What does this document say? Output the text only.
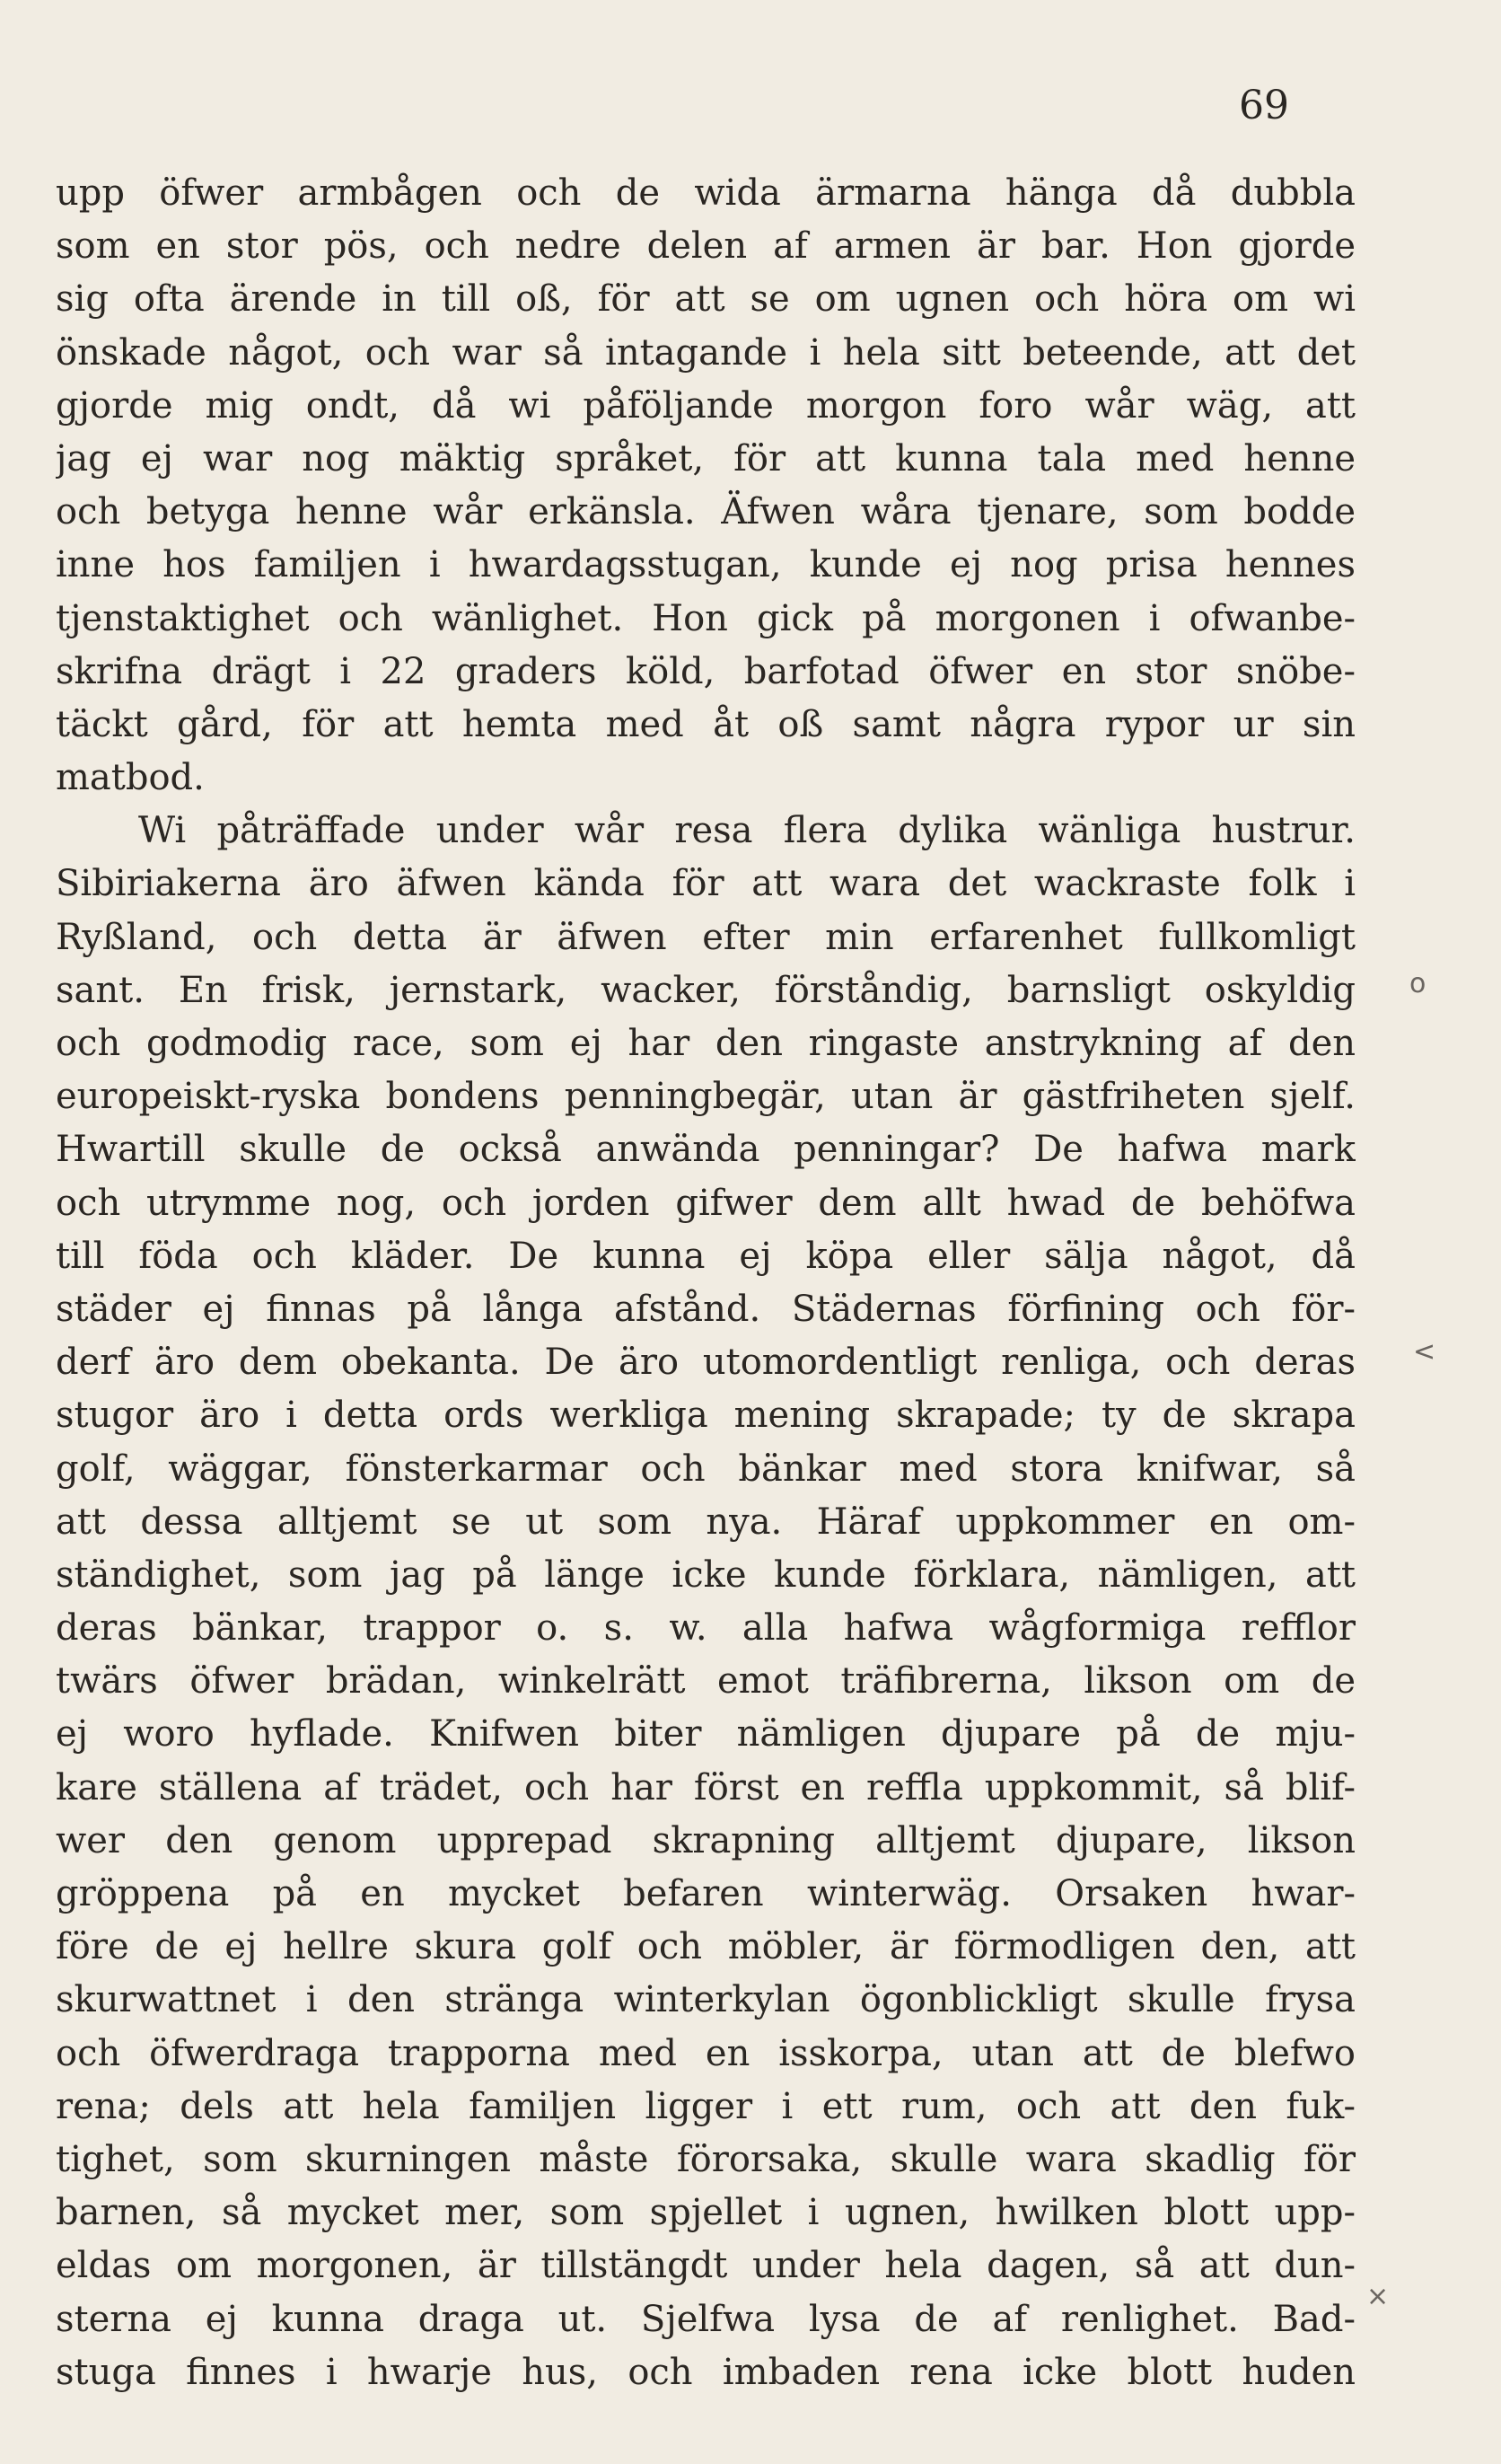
69
upp öfwer armbågen och de wida ärmarna hänga då dubbla
som en stor pös, och nedre delen af armen är bar. Hon gjorde
sig ofta ärende in till oß, för att se om ugnen och höra om wi
önskade något, och war så intagande i hela sitt beteende, att det
gjorde mig ondt, då wi påföljande morgon foro wår wäg, att
jag ej war nog mäktig språket, för att kunna tala med henne
och betyga henne wår erkänsla. Äfwen wåra tjenare, som bodde
inne hos familjen i hwardagsstugan, kunde ej nog prisa hennes
tjenstaktighet och wänlighet. Hon gick på morgonen i ofwanbe-
skrifna drägt i 22 graders köld, barfotad öfwer en stor snöbe-
täckt gård, för att hemta med åt oß samt några rypor ur sin
matbod.
Wi påträffade under wår resa flera dylika wänliga hustrur.
Sibiriakerna äro äfwen kända för att wara det wackraste folk i
Ryßland, och detta är äfwen efter min erfarenhet fullkomligt
sant. En frisk, jernstark, wacker, förståndig, barnsligt oskyldig
och godmodig race, som ej har den ringaste anstrykning af den
europeiskt-ryska bondens penningbegär, utan är gästfriheten sjelf.
Hwartill skulle de också anwända penningar? De hafwa mark
och utrymme nog, och jorden gifwer dem allt hwad de behöfwa
till föda och kläder. De kunna ej köpa eller sälja något, då
städer ej finnas på långa afstånd. Städernas förfining och för-
derf äro dem obekanta. De äro utomordentligt renliga, och deras
stugor äro i detta ords werkliga mening skrapade; ty de skrapa
golf, wäggar, fönsterkarmar och bänkar med stora knifwar, så
att dessa alltjemt se ut som nya. Häraf uppkommer en om-
ständighet, som jag på länge icke kunde förklara, nämligen, att
deras bänkar, trappor o. s. w. alla hafwa wågformiga refflor
twärs öfwer brädan, winkelrätt emot träfibrerna, likson om de
ej woro hyflade. Knifwen biter nämligen djupare på de mju-
kare ställena af trädet, och har först en reffla uppkommit, så blif-
wer den genom upprepad skrapning alltjemt djupare, likson
gröppena på en mycket befaren winterwäg. Orsaken hwar-
före de ej hellre skura golf och möbler, är förmodligen den, att
skurwattnet i den stränga winterkylan ögonblickligt skulle frysa
och öfwerdraga trapporna med en isskorpa, utan att de blefwo
rena; dels att hela familjen ligger i ett rum, och att den fuk-
tighet, som skurningen måste förorsaka, skulle wara skadlig för
barnen, så mycket mer, som spjellet i ugnen, hwilken blott upp-
eldas om morgonen, är tillstängdt under hela dagen, så att dun-
sterna ej kunna draga ut. Sjelfwa lysa de af renlighet. Bad-
stuga finnes i hwarje hus, och imbaden rena icke blott huden
o
<
×
